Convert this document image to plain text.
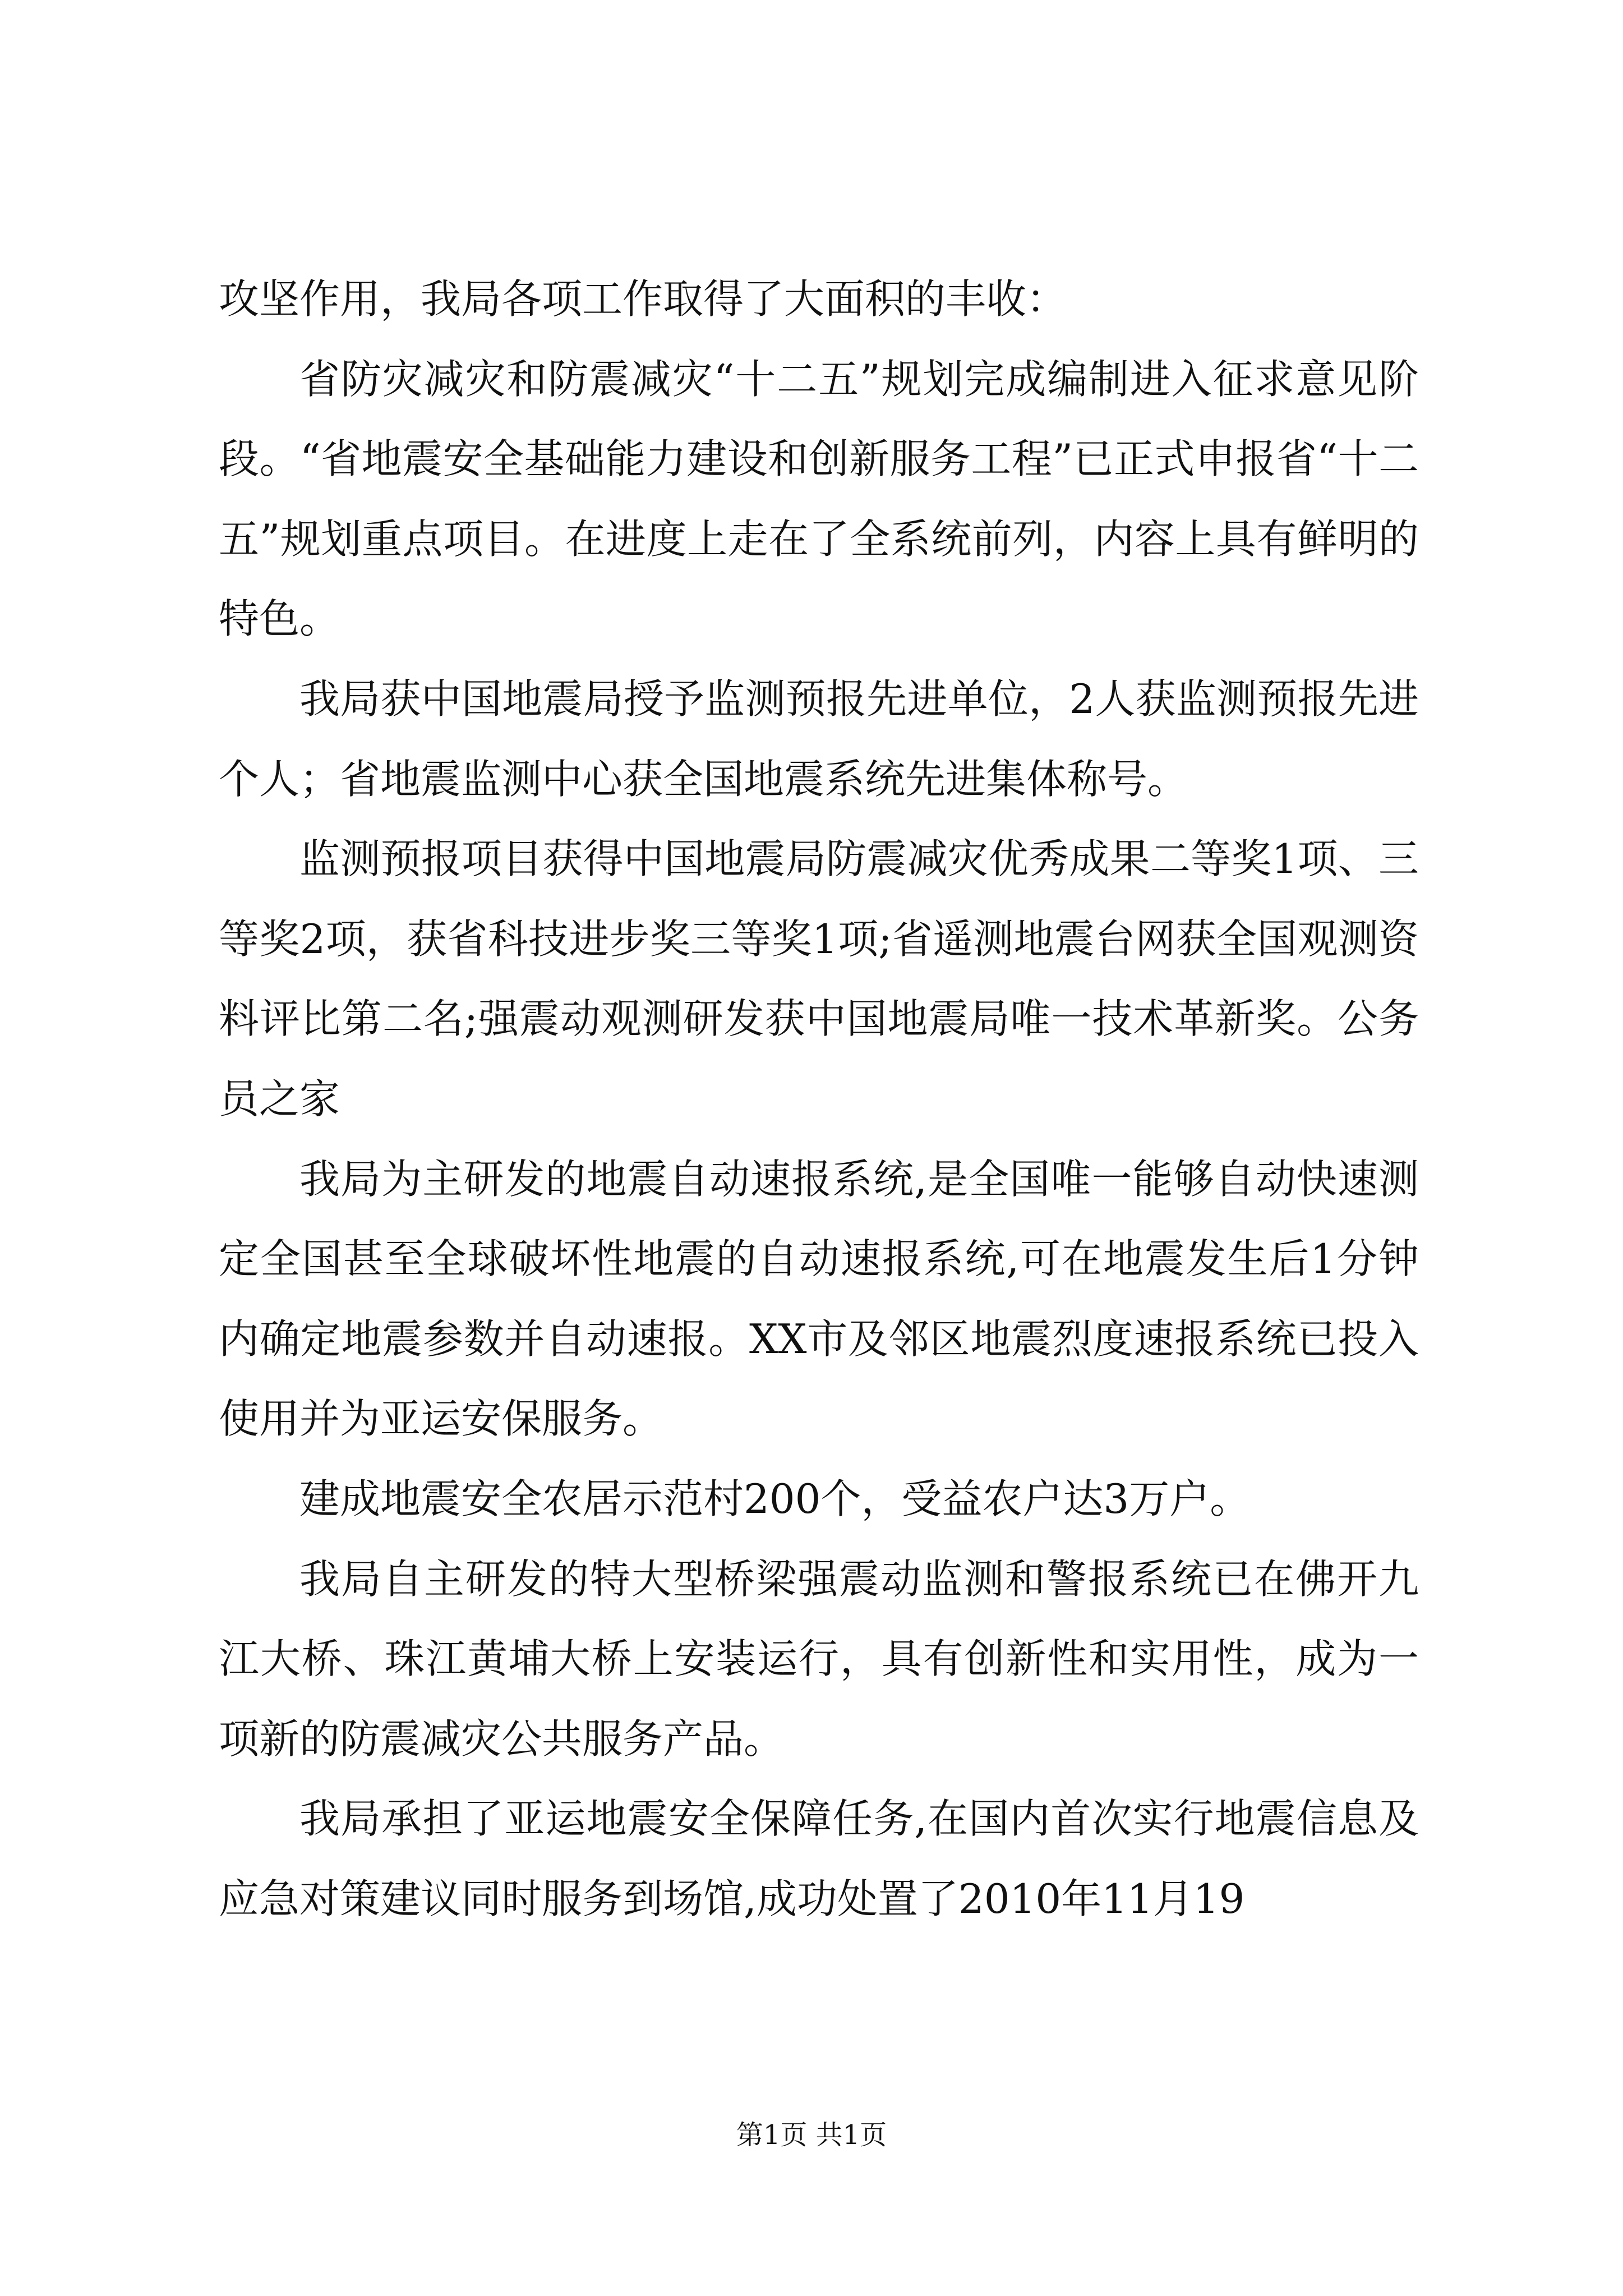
攻坚作用，我局各项工作取得了大面积的丰收：

省防灾减灾和防震减灾“十二五”规划完成编制进入征求意见阶段。“省地震安全基础能力建设和创新服务工程”已正式申报省“十二五”规划重点项目。在进度上走在了全系统前列，内容上具有鲜明的特色。

我局获中国地震局授予监测预报先进单位，2人获监测预报先进个人；省地震监测中心获全国地震系统先进集体称号。

监测预报项目获得中国地震局防震减灾优秀成果二等奖1项、三等奖2项，获省科技进步奖三等奖1项;省遥测地震台网获全国观测资料评比第二名;强震动观测研发获中国地震局唯一技术革新奖。公务员之家

我局为主研发的地震自动速报系统,是全国唯一能够自动快速测定全国甚至全球破坏性地震的自动速报系统,可在地震发生后1分钟内确定地震参数并自动速报。XX市及邻区地震烈度速报系统已投入使用并为亚运安保服务。

建成地震安全农居示范村200个，受益农户达3万户。

我局自主研发的特大型桥梁强震动监测和警报系统已在佛开九江大桥、珠江黄埔大桥上安装运行，具有创新性和实用性，成为一项新的防震减灾公共服务产品。

我局承担了亚运地震安全保障任务,在国内首次实行地震信息及应急对策建议同时服务到场馆,成功处置了2010年11月19

第1页 共1页
